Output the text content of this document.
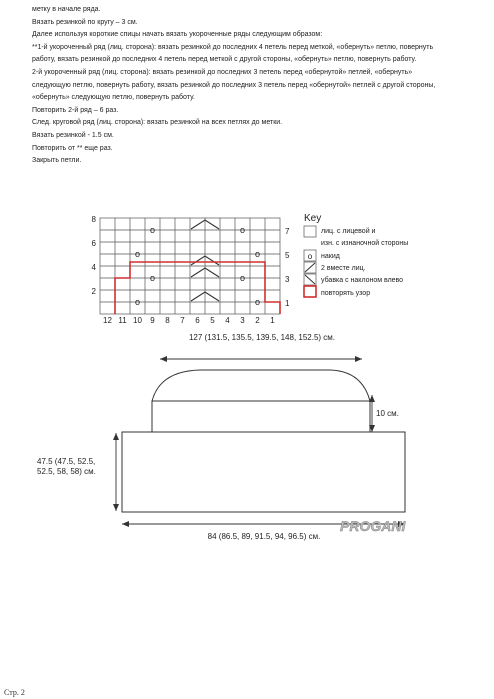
метку в начале ряда.
Вязать резинкой по кругу – 3 см.
Далее используя короткие спицы начать вязать укороченные ряды следующим образом:
**1-й укороченный ряд (лиц. сторона): вязать резинкой до последних 4 петель перед меткой, «обернуть» петлю, повернуть
работу, вязать резинкой до последних 4 петель перед меткой с другой стороны, «обернуть» петлю, повернуть работу.
2-й укороченный ряд (лиц. сторона): вязать резинкой до последних 3 петель перед «обернутой» петлей, «обернуть»
следующую петлю, повернуть работу, вязать резинкой до последних 3 петель перед «обернутой» петлей с другой стороны,
«обернуть» следующую петлю, повернуть работу.
Повторить 2-й ряд – 6 раз.
След. круговой ряд (лиц. сторона): вязать резинкой на всех петлях до метки.
Вязать резинкой - 1.5 см.
Повторить от ** еще раз.
Закрыть петли.
o	o
o	o
o	o
o	o
8
6
4
2
7
5
3
1
12 11 10 9 8 7 6 5 4 3 2 1
Key
лиц. с лицевой и
изн. с изнаночной стороны
o накид
2 вместе лиц.
убавка с наклоном влево
повторять узор
127 (131.5, 135.5, 139.5, 148, 152.5) см.
10 см.
47.5 (47.5, 52.5,
52.5, 58, 58) см.
84 (86.5, 89, 91.5, 94, 96.5) см.
PROGANI
Стр. 2
